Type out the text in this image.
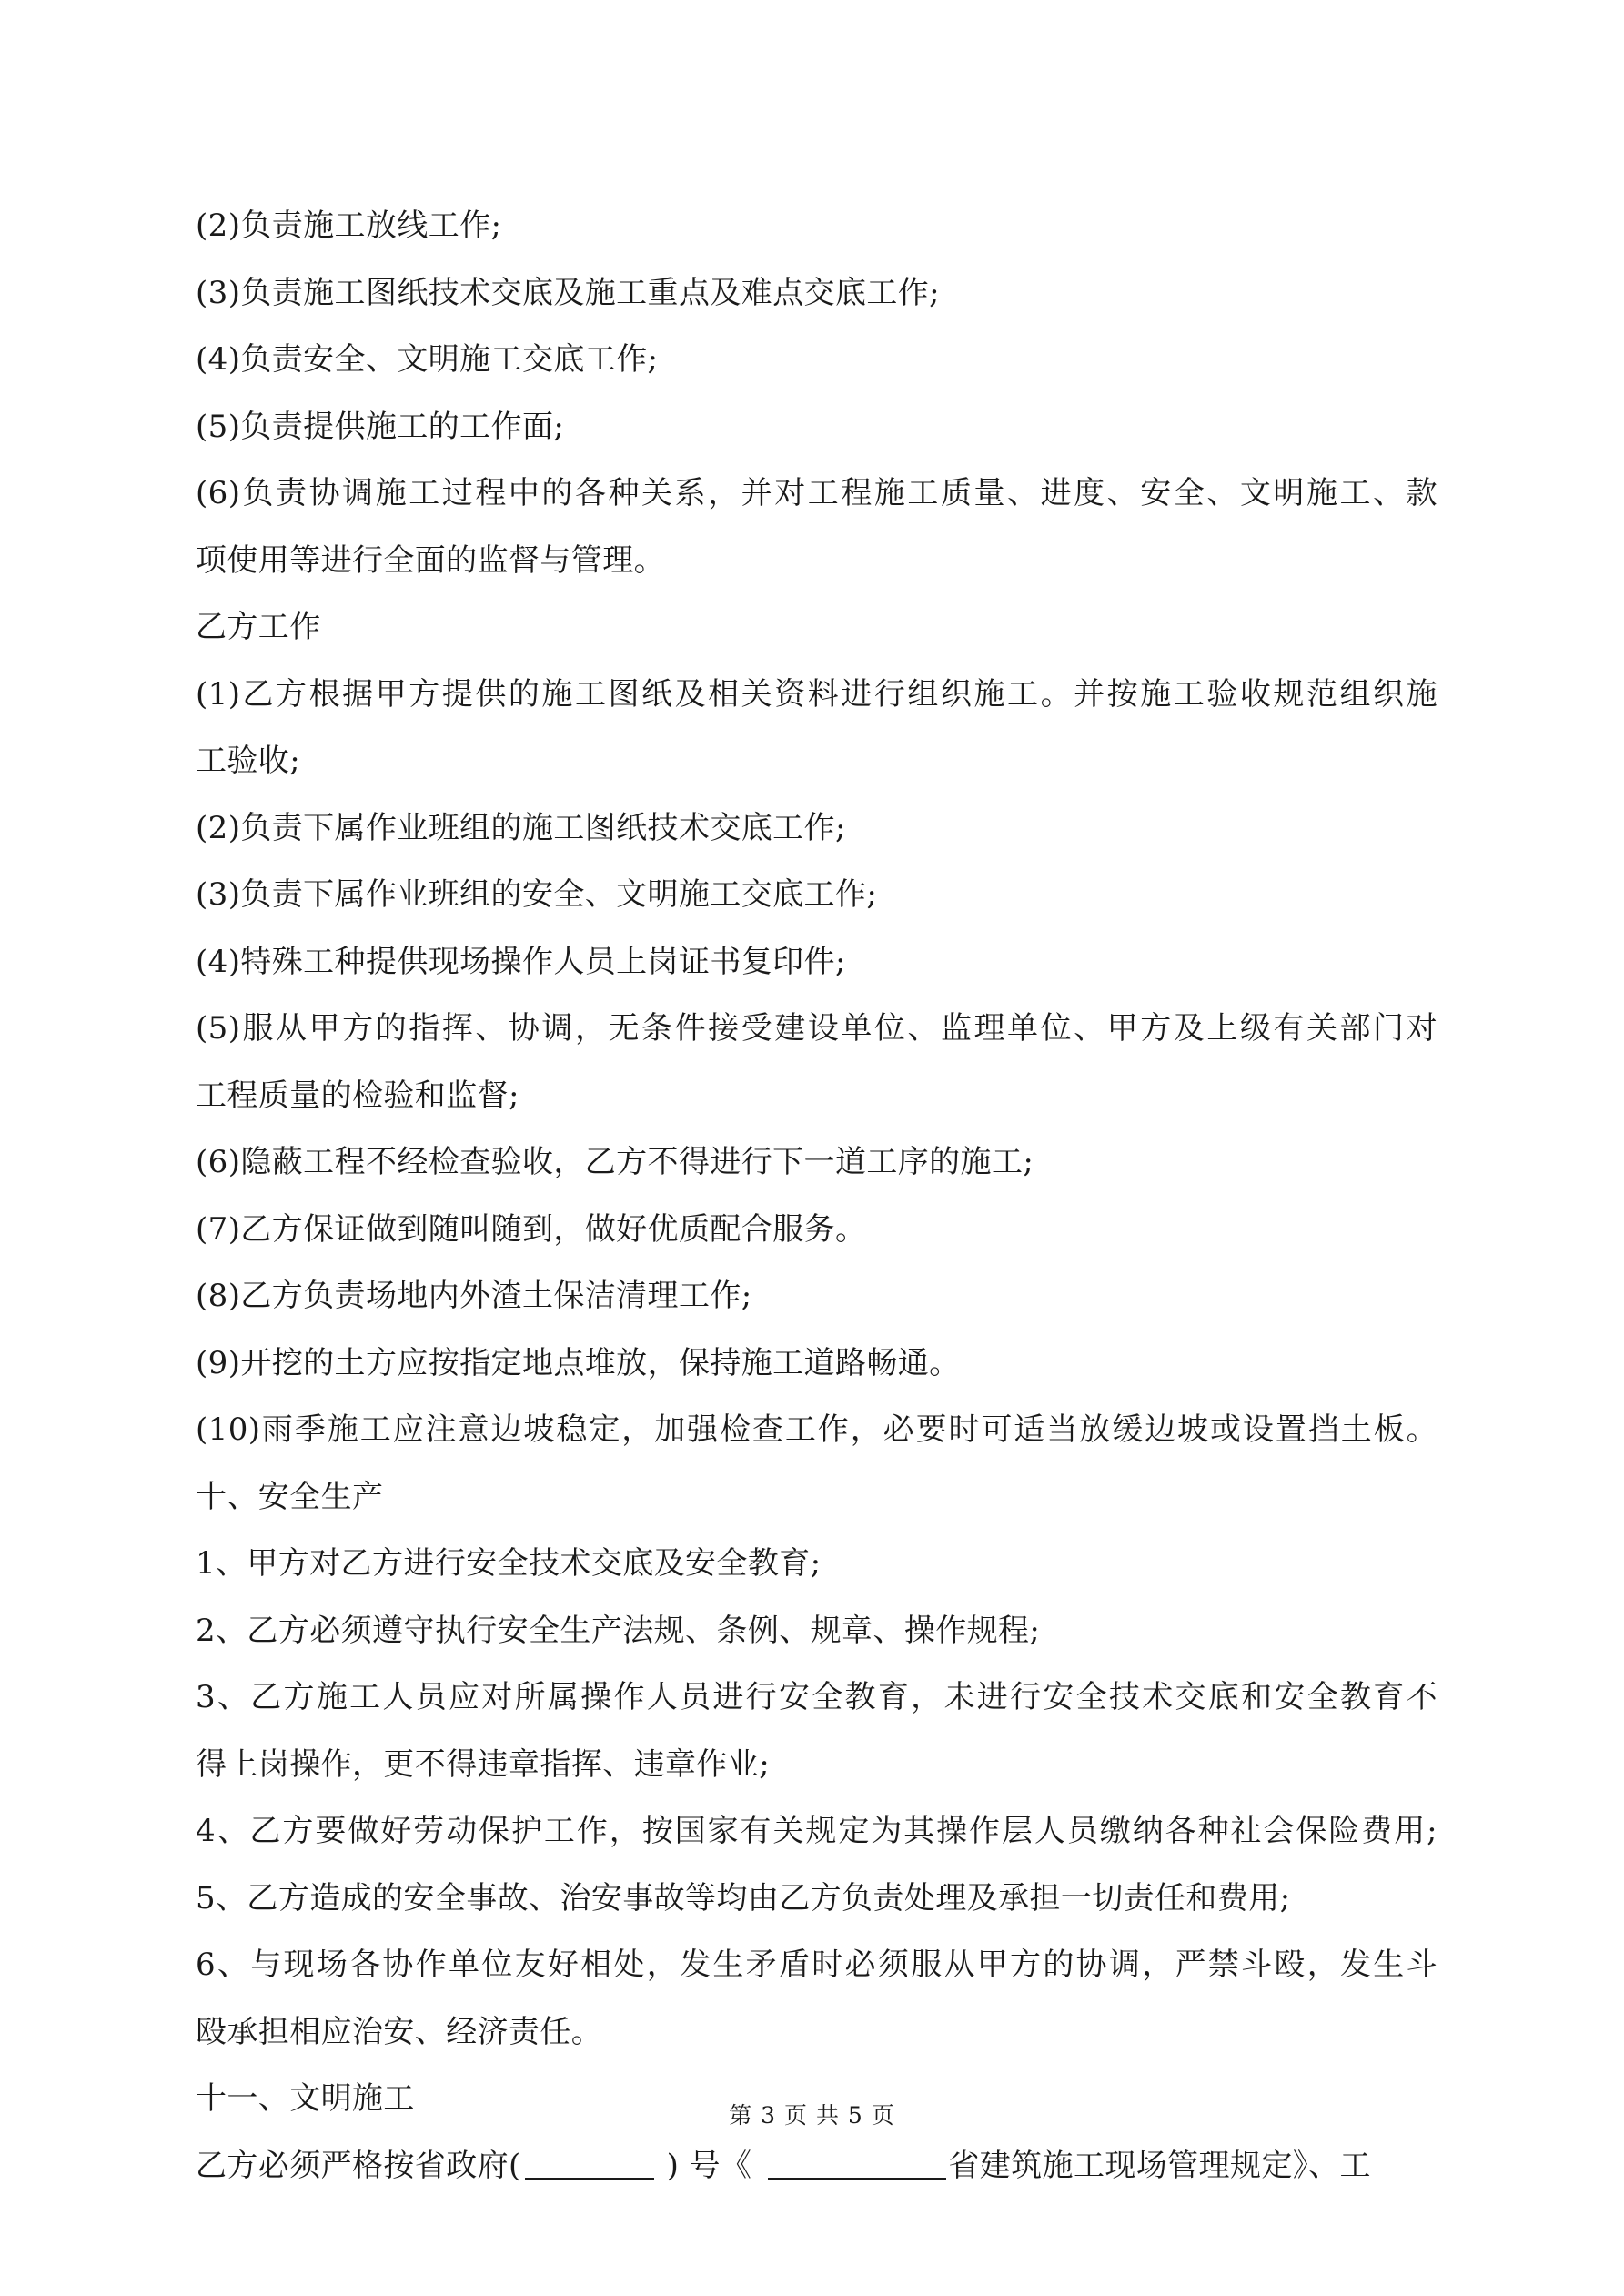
(2)负责施工放线工作;
(3)负责施工图纸技术交底及施工重点及难点交底工作;
(4)负责安全、文明施工交底工作;
(5)负责提供施工的工作面;
(6)负责协调施工过程中的各种关系，并对工程施工质量、进度、安全、文明施工、款
项使用等进行全面的监督与管理。
乙方工作
(1)乙方根据甲方提供的施工图纸及相关资料进行组织施工。并按施工验收规范组织施
工验收;
(2)负责下属作业班组的施工图纸技术交底工作;
(3)负责下属作业班组的安全、文明施工交底工作;
(4)特殊工种提供现场操作人员上岗证书复印件;
(5)服从甲方的指挥、协调，无条件接受建设单位、监理单位、甲方及上级有关部门对
工程质量的检验和监督;
(6)隐蔽工程不经检查验收，乙方不得进行下一道工序的施工;
(7)乙方保证做到随叫随到，做好优质配合服务。
(8)乙方负责场地内外渣土保洁清理工作;
(9)开挖的土方应按指定地点堆放，保持施工道路畅通。
(10)雨季施工应注意边坡稳定，加强检查工作，必要时可适当放缓边坡或设置挡土板。
十、安全生产
1、甲方对乙方进行安全技术交底及安全教育;
2、乙方必须遵守执行安全生产法规、条例、规章、操作规程;
3、乙方施工人员应对所属操作人员进行安全教育，未进行安全技术交底和安全教育不
得上岗操作，更不得违章指挥、违章作业;
4、乙方要做好劳动保护工作，按国家有关规定为其操作层人员缴纳各种社会保险费用;
5、乙方造成的安全事故、治安事故等均由乙方负责处理及承担一切责任和费用;
6、与现场各协作单位友好相处，发生矛盾时必须服从甲方的协调，严禁斗殴，发生斗
殴承担相应治安、经济责任。
十一、文明施工
乙方必须严格按省政府(	) 号《	省建筑施工现场管理规定》、工
第 3 页 共 5 页
